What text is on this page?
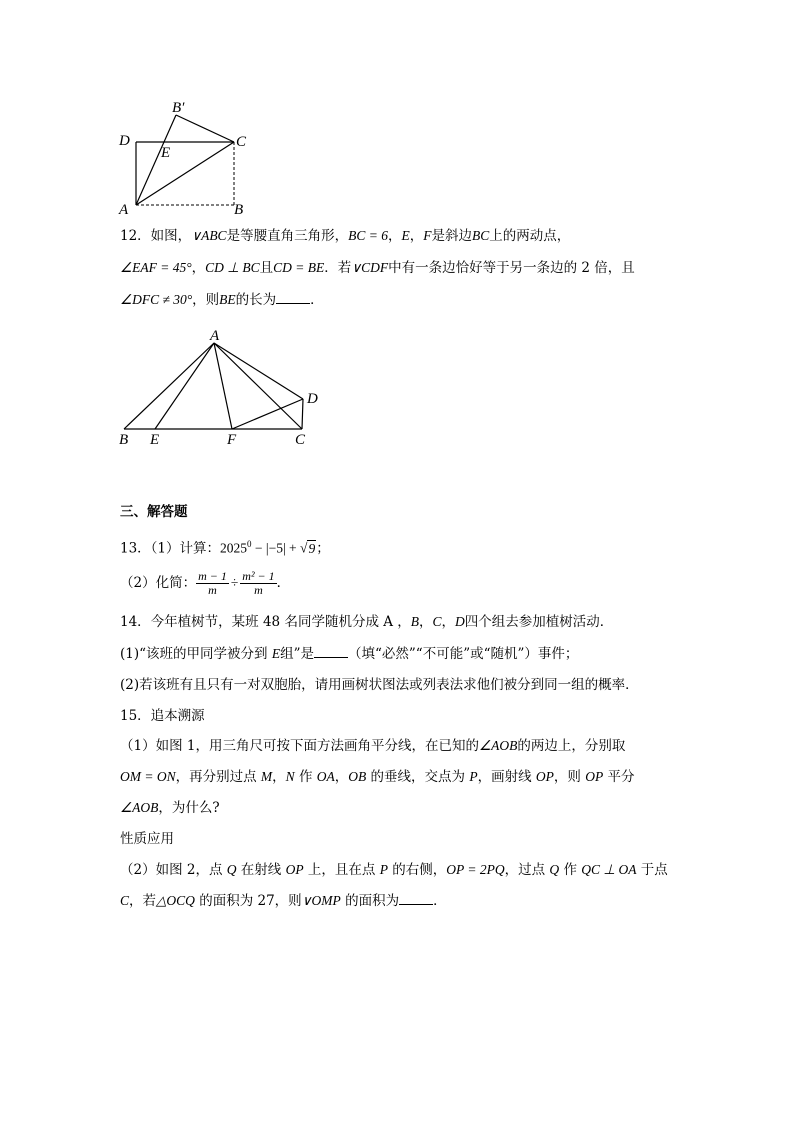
B′
D
E
C
A	B
12．如图，∨ABC是等腰直角三角形，BC = 6，E，F是斜边BC上的两动点，
∠EAF = 45°，CD ⊥ BC且CD = BE．若∨CDF中有一条边恰好等于另一条边的 2 倍，且
∠DFC ≠ 30°，则BE的长为	．
A
D
B E	F	C
三、解答题
13．（1）计算：$2025^0 - |-5| + √9$；
（2）化简： $\frac{m - 1}{m} \div \frac{\text{m² − 1}}{m}$ ．
14．今年植树节，某班 48 名同学随机分成 A ，B，C，D四个组去参加植树活动．
(1)“该班的甲同学被分到 E组”是	（填“必然”“不可能”或“随机”）事件；
(2)若该班有且只有一对双胞胎，请用画树状图法或列表法求他们被分到同一组的概率．
15．追本溯源
（1）如图 1，用三角尺可按下面方法画角平分线，在已知的∠AOB的两边上，分别取
OM = ON，再分别过点 M，N 作 OA，OB 的垂线，交点为 P，画射线 OP，则 OP 平分
∠AOB，为什么?
性质应用
（2）如图 2，点 Q 在射线 OP 上，且在点 P 的右侧，OP = 2PQ，过点 Q 作 QC ⊥ OA 于点
C，若△OCQ 的面积为 27，则∨OMP 的面积为	．
